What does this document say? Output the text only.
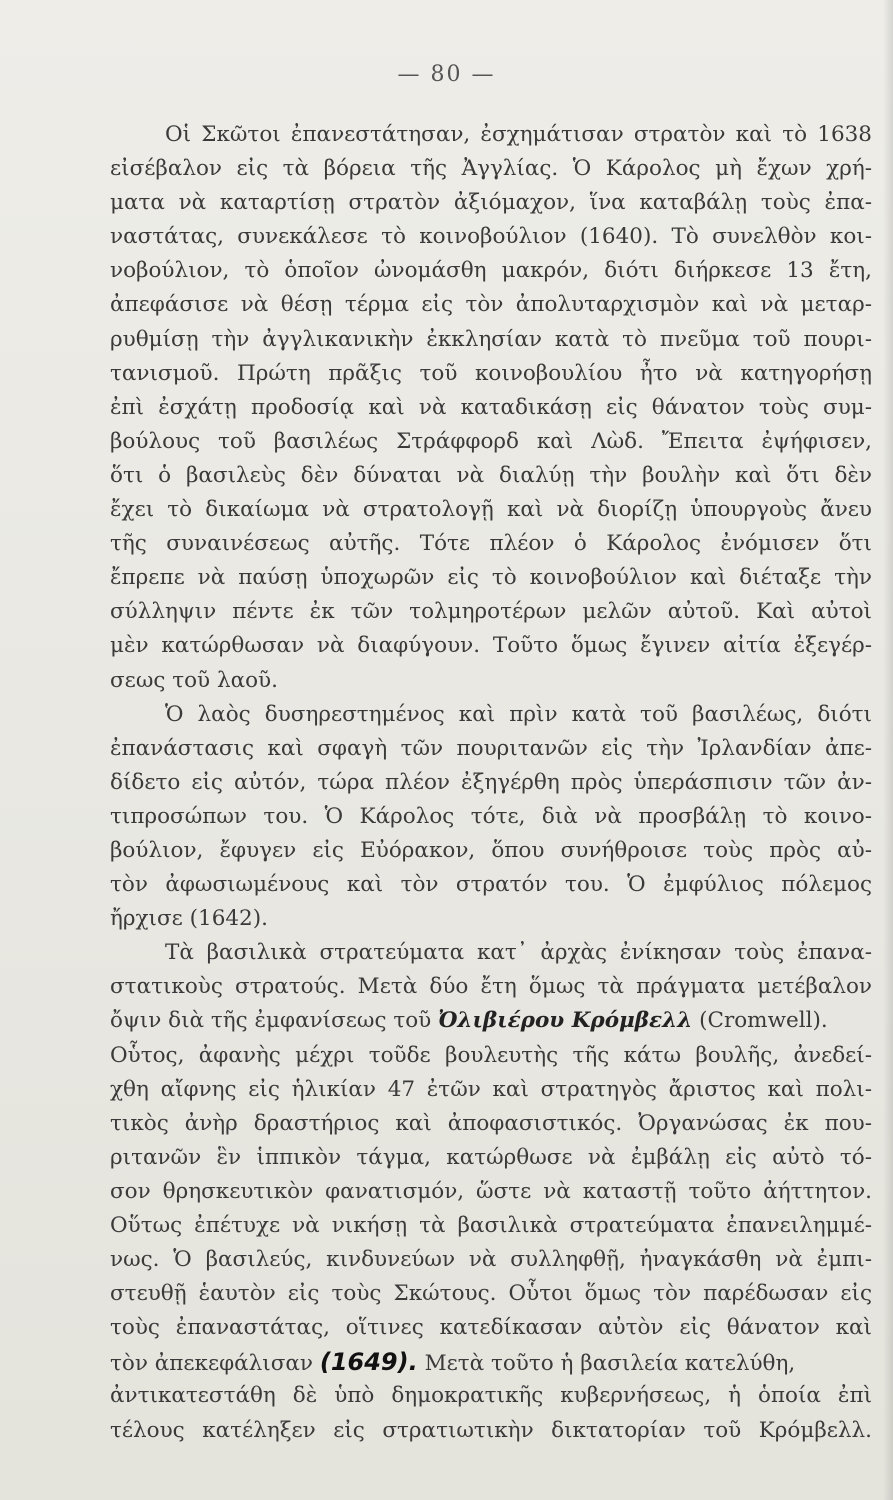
— 80 —
Οἱ Σκῶτοι ἐπανεστάτησαν, ἐσχημάτισαν στρατὸν καὶ τὸ 1638
εἰσέβαλον εἰς τὰ βόρεια τῆς Ἀγγλίας. Ὁ Κάρολος μὴ ἔχων χρή-
ματα νὰ καταρτίσῃ στρατὸν ἀξιόμαχον, ἵνα καταβάλῃ τοὺς ἐπα-
ναστάτας, συνεκάλεσε τὸ κοινοβούλιον (1640). Τὸ συνελθὸν κοι-
νοβούλιον, τὸ ὁποῖον ὠνομάσθη μακρόν, διότι διήρκεσε 13 ἔτη,
ἀπεφάσισε νὰ θέσῃ τέρμα εἰς τὸν ἀπολυταρχισμὸν καὶ νὰ μεταρ-
ρυθμίσῃ τὴν ἀγγλικανικὴν ἐκκλησίαν κατὰ τὸ πνεῦμα τοῦ πουρι-
τανισμοῦ. Πρώτη πρᾶξις τοῦ κοινοβουλίου ἦτο νὰ κατηγορήσῃ
ἐπὶ ἐσχάτῃ προδοσίᾳ καὶ νὰ καταδικάσῃ εἰς θάνατον τοὺς συμ-
βούλους τοῦ βασιλέως Στράφφορδ καὶ Λὼδ. Ἔπειτα ἐψήφισεν,
ὅτι ὁ βασιλεὺς δὲν δύναται νὰ διαλύῃ τὴν βουλὴν καὶ ὅτι δὲν
ἔχει τὸ δικαίωμα νὰ στρατολογῇ καὶ νὰ διορίζῃ ὑπουργοὺς ἄνευ
τῆς συναινέσεως αὐτῆς. Τότε πλέον ὁ Κάρολος ἐνόμισεν ὅτι
ἔπρεπε νὰ παύσῃ ὑποχωρῶν εἰς τὸ κοινοβούλιον καὶ διέταξε τὴν
σύλληψιν πέντε ἐκ τῶν τολμηροτέρων μελῶν αὐτοῦ. Καὶ αὐτοὶ
μὲν κατώρθωσαν νὰ διαφύγουν. Τοῦτο ὅμως ἔγινεν αἰτία ἐξεγέρ-
σεως τοῦ λαοῦ.
Ὁ λαὸς δυσηρεστημένος καὶ πρὶν κατὰ τοῦ βασιλέως, διότι
ἐπανάστασις καὶ σφαγὴ τῶν πουριτανῶν εἰς τὴν Ἰρλανδίαν ἀπε-
δίδετο εἰς αὐτόν, τώρα πλέον ἐξηγέρθη πρὸς ὑπεράσπισιν τῶν ἀν-
τιπροσώπων του. Ὁ Κάρολος τότε, διὰ νὰ προσβάλῃ τὸ κοινο-
βούλιον, ἔφυγεν εἰς Εὐόρακον, ὅπου συνήθροισε τοὺς πρὸς αὐ-
τὸν ἀφωσιωμένους καὶ τὸν στρατόν του. Ὁ ἐμφύλιος πόλεμος
ἤρχισε (1642).
Τὰ βασιλικὰ στρατεύματα κατ᾽ ἀρχὰς ἐνίκησαν τοὺς ἐπανα-
στατικοὺς στρατούς. Μετὰ δύο ἔτη ὅμως τὰ πράγματα μετέβαλον
ὄψιν διὰ τῆς ἐμφανίσεως τοῦ Ὀλιβιέρου Κρόμβελλ (Cromwell).
Οὗτος, ἀφανὴς μέχρι τοῦδε βουλευτὴς τῆς κάτω βουλῆς, ἀνεδεί-
χθη αἴφνης εἰς ἡλικίαν 47 ἐτῶν καὶ στρατηγὸς ἄριστος καὶ πολι-
τικὸς ἀνὴρ δραστήριος καὶ ἀποφασιστικός. Ὀργανώσας ἐκ που-
ριτανῶν ἓν ἱππικὸν τάγμα, κατώρθωσε νὰ ἐμβάλῃ εἰς αὐτὸ τό-
σον θρησκευτικὸν φανατισμόν, ὥστε νὰ καταστῇ τοῦτο ἀήττητον.
Οὕτως ἐπέτυχε νὰ νικήσῃ τὰ βασιλικὰ στρατεύματα ἐπανειλημμέ-
νως. Ὁ βασιλεύς, κινδυνεύων νὰ συλληφθῇ, ἠναγκάσθη νὰ ἐμπι-
στευθῇ ἑαυτὸν εἰς τοὺς Σκώτους. Οὗτοι ὅμως τὸν παρέδωσαν εἰς
τοὺς ἐπαναστάτας, οἵτινες κατεδίκασαν αὐτὸν εἰς θάνατον καὶ
τὸν ἀπεκεφάλισαν (1649). Μετὰ τοῦτο ἡ βασιλεία κατελύθη,
ἀντικατεστάθη δὲ ὑπὸ δημοκρατικῆς κυβερνήσεως, ἡ ὁποία ἐπὶ
τέλους κατέληξεν εἰς στρατιωτικὴν δικτατορίαν τοῦ Κρόμβελλ.
